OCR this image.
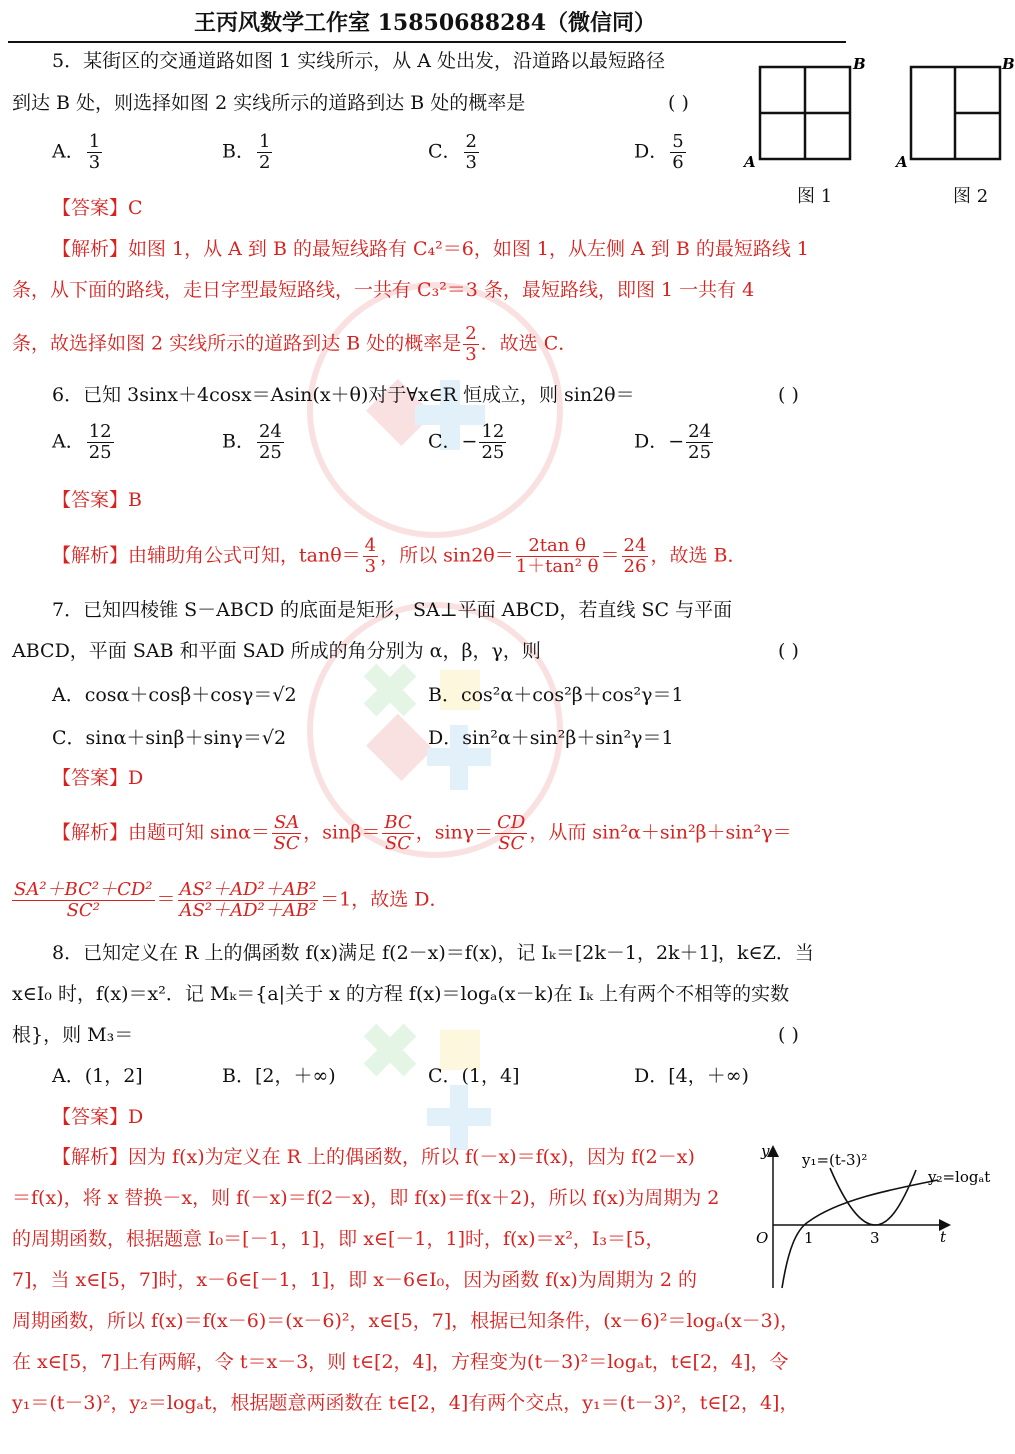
王丙风数学工作室 15850688284（微信同）
5．某街区的交通道路如图 1 实线所示，从 A 处出发，沿道路以最短路径
到达 B 处，则选择如图 2 实线所示的道路到达 B 处的概率是	( )
A． $\frac{1}{3}$	B． $\frac{1}{2}$	C． $\frac{2}{3}$	D． $\frac{5}{6}$	A
B
图 1
A
B
图 2
【答案】C
【解析】如图 1，从 A 到 B 的最短线路有 C₄²＝6，如图 1，从左侧 A 到 B 的最短路线 1
条，从下面的路线，走日字型最短路线，一共有 C₃²＝3 条，最短路线，即图 1 一共有 4
条，故选择如图 2 实线所示的道路到达 B 处的概率是 $\frac{2}{3}$ ．故选 C．
6．已知 3sinx＋4cosx＝Asin(x＋θ)对于∀x∈R 恒成立，则 sin2θ＝	( )
A． $\frac{12}{25}$	B． $\frac{24}{25}$	C．− $\frac{12}{25}$	D．− $\frac{24}{25}$
【答案】B
【解析】由辅助角公式可知，$\tan\theta= \frac{4}{3}$ ，所以 $\sin 2\theta= \frac{\text{2tan θ}}{\text{1＋tan² θ}} = \frac{24}{26}$ ，故选 B．
7．已知四棱锥 S－ABCD 的底面是矩形，SA⊥平面 ABCD，若直线 SC 与平面
ABCD，平面 SAB 和平面 SAD 所成的角分别为 α，β，γ，则	( )
A．cosα＋cosβ＋cosγ＝√2	B．cos²α＋cos²β＋cos²γ＝1
C．sinα＋sinβ＋sinγ＝√2	D．sin²α＋sin²β＋sin²γ＝1
【答案】D
【解析】由题可知 $\sin\alpha= \frac{SA}{SC}$ ，$\sin\beta= \frac{BC}{SC}$ ，$\sin\gamma= \frac{CD}{SC}$ ，从而 sin²α＋sin²β＋sin²γ＝
$\frac{\text{SA²＋BC²＋CD²}}{\text{SC²}} = \frac{\text{AS²＋AD²＋AB²}}{\text{AS²＋AD²＋AB²}} =1$，故选 D．
8．已知定义在 R 上的偶函数 f(x)满足 f(2－x)＝f(x)，记 Iₖ＝[2k－1，2k＋1]，k∈Z．当
x∈I₀ 时，f(x)＝x²．记 Mₖ＝{a|关于 x 的方程 f(x)＝logₐ(x－k)在 Iₖ 上有两个不相等的实数
根}，则 M₃＝	( )
A．(1，2]	B．[2，＋∞)	C．(1，4]	D．[4，＋∞)
【答案】D
【解析】因为 f(x)为定义在 R 上的偶函数，所以 f(－x)＝f(x)，因为 f(2－x)
＝f(x)，将 x 替换－x，则 f(－x)＝f(2－x)，即 f(x)＝f(x＋2)，所以 f(x)为周期为 2
的周期函数，根据题意 I₀＝[－1，1]，即 x∈[－1，1]时，f(x)＝x²，I₃＝[5，
7]，当 x∈[5，7]时，x－6∈[－1，1]，即 x－6∈I₀，因为函数 f(x)为周期为 2 的
周期函数，所以 f(x)＝f(x－6)＝(x－6)²，x∈[5，7]，根据已知条件，(x－6)²＝logₐ(x－3)，
在 x∈[5，7]上有两解，令 t＝x－3，则 t∈[2，4]，方程变为(t－3)²＝logₐt，t∈[2，4]，令
y₁＝(t－3)²，y₂＝logₐt，根据题意两函数在 t∈[2，4]有两个交点，y₁＝(t－3)²，t∈[2，4]，
y
t
O 1	3
y₁=(t-3)²
y₂=logₐt
